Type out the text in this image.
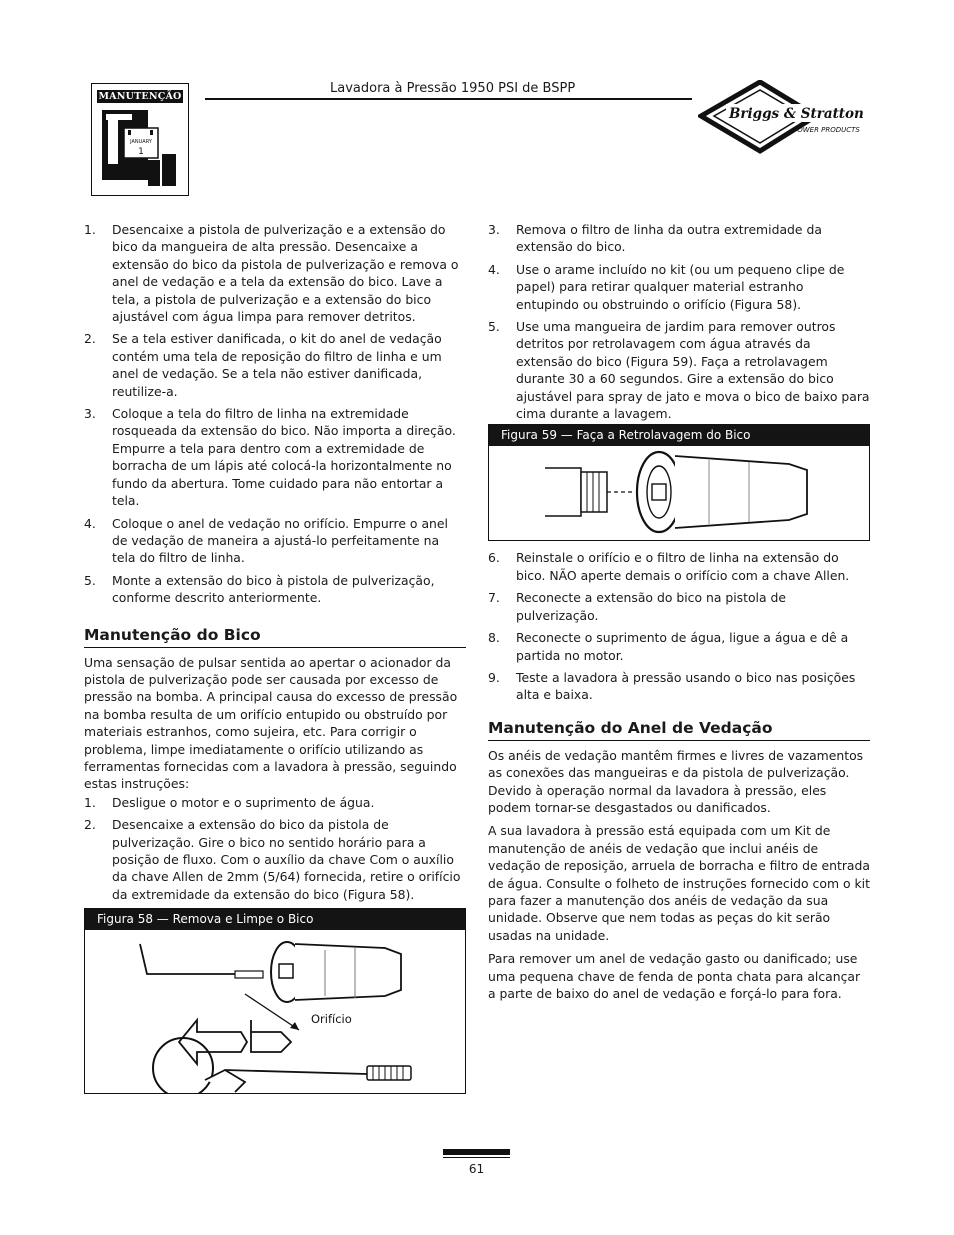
MANUTENÇÃO
JANUARY
1
Lavadora à Pressão 1950 PSI de BSPP
Briggs & Stratton
POWER PRODUCTS
1. Desencaixe a pistola de pulverização e a extensão do bico da mangueira de alta pressão. Desencaixe a extensão do bico da pistola de pulverização e remova o anel de vedação e a tela da extensão do bico. Lave a tela, a pistola de pulverização e a extensão do bico ajustável com água limpa para remover detritos.
2. Se a tela estiver danificada, o kit do anel de vedação contém uma tela de reposição do filtro de linha e um anel de vedação. Se a tela não estiver danificada, reutilize-a.
3. Coloque a tela do filtro de linha na extremidade rosqueada da extensão do bico. Não importa a direção. Empurre a tela para dentro com a extremidade de borracha de um lápis até colocá-la horizontalmente no fundo da abertura. Tome cuidado para não entortar a tela.
4. Coloque o anel de vedação no orifício. Empurre o anel de vedação de maneira a ajustá-lo perfeitamente na tela do filtro de linha.
5. Monte a extensão do bico à pistola de pulverização, conforme descrito anteriormente.
Manutenção do Bico

Uma sensação de pulsar sentida ao apertar o acionador da pistola de pulverização pode ser causada por excesso de pressão na bomba. A principal causa do excesso de pressão na bomba resulta de um orifício entupido ou obstruído por materiais estranhos, como sujeira, etc. Para corrigir o problema, limpe imediatamente o orifício utilizando as ferramentas fornecidas com a lavadora à pressão, seguindo estas instruções:

1. Desligue o motor e o suprimento de água.
2. Desencaixe a extensão do bico da pistola de pulverização. Gire o bico no sentido horário para a posição de fluxo. Com o auxílio da chave Com o auxílio da chave Allen de 2mm (5/64) fornecida, retire o orifício da extremidade da extensão do bico (Figura 58).
Figura 58 — Remova e Limpe o Bico
Orifício
3. Remova o filtro de linha da outra extremidade da extensão do bico.
4. Use o arame incluído no kit (ou um pequeno clipe de papel) para retirar qualquer material estranho entupindo ou obstruindo o orifício (Figura 58).
5. Use uma mangueira de jardim para remover outros detritos por retrolavagem com água através da extensão do bico (Figura 59). Faça a retrolavagem durante 30 a 60 segundos. Gire a extensão do bico ajustável para spray de jato e mova o bico de baixo para cima durante a lavagem.
Figura 59 — Faça a Retrolavagem do Bico
6. Reinstale o orifício e o filtro de linha na extensão do bico. NÃO aperte demais o orifício com a chave Allen.
7. Reconecte a extensão do bico na pistola de pulverização.
8. Reconecte o suprimento de água, ligue a água e dê a partida no motor.
9. Teste a lavadora à pressão usando o bico nas posições alta e baixa.
Manutenção do Anel de Vedação

Os anéis de vedação mantêm firmes e livres de vazamentos as conexões das mangueiras e da pistola de pulverização. Devido à operação normal da lavadora à pressão, eles podem tornar-se desgastados ou danificados.

A sua lavadora à pressão está equipada com um Kit de manutenção de anéis de vedação que inclui anéis de vedação de reposição, arruela de borracha e filtro de entrada de água. Consulte o folheto de instruções fornecido com o kit para fazer a manutenção dos anéis de vedação da sua unidade. Observe que nem todas as peças do kit serão usadas na unidade.

Para remover um anel de vedação gasto ou danificado; use uma pequena chave de fenda de ponta chata para alcançar a parte de baixo do anel de vedação e forçá-lo para fora.

61
